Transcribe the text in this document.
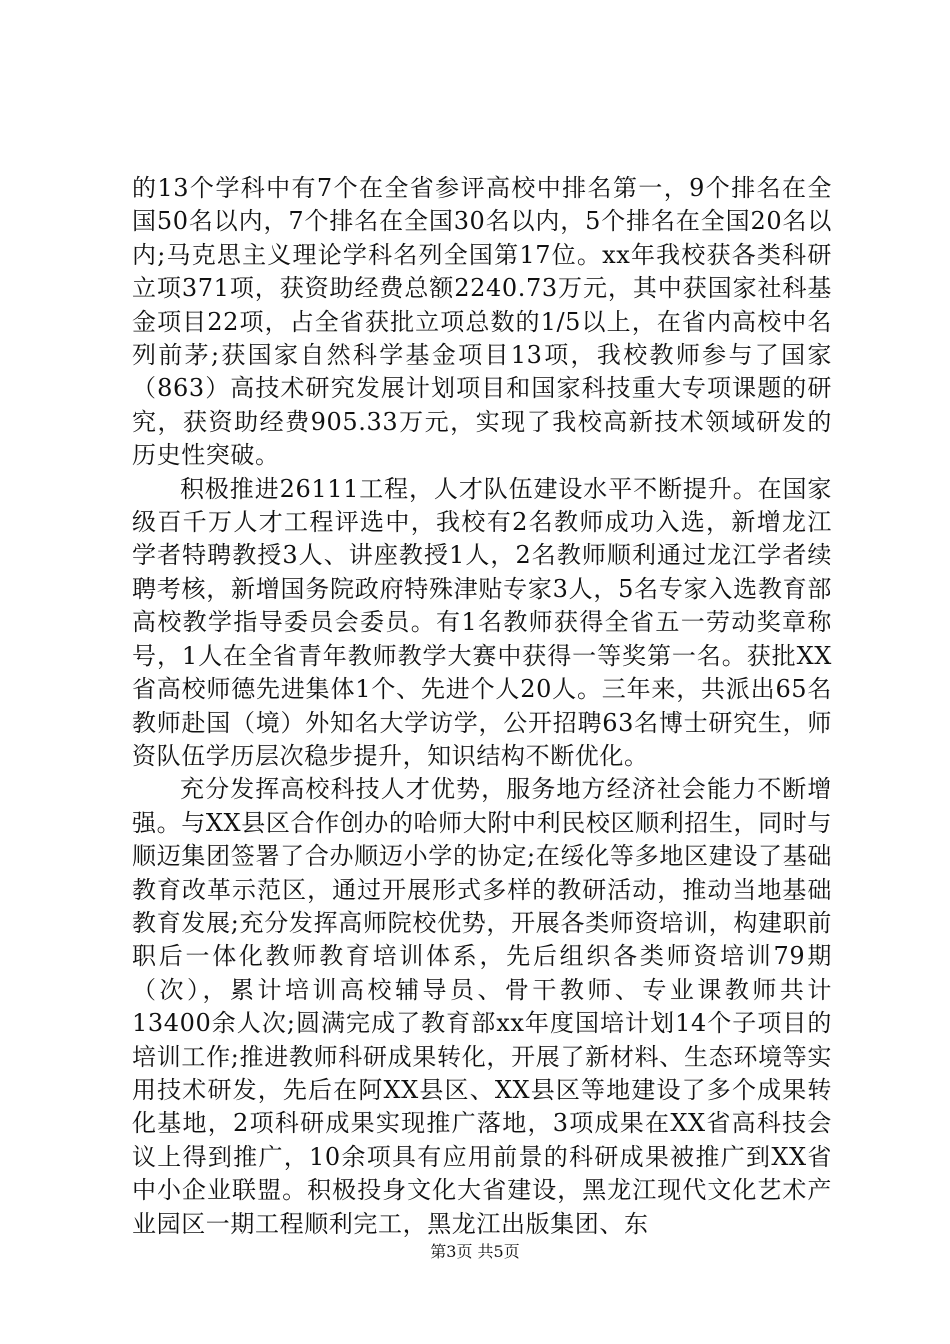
的13个学科中有7个在全省参评高校中排名第一，9个排名在全国50名以内，7个排名在全国30名以内，5个排名在全国20名以内;马克思主义理论学科名列全国第17位。xx年我校获各类科研立项371项，获资助经费总额2240.73万元，其中获国家社科基金项目22项，占全省获批立项总数的1/5以上，在省内高校中名列前茅;获国家自然科学基金项目13项，我校教师参与了国家（863）高技术研究发展计划项目和国家科技重大专项课题的研究，获资助经费905.33万元，实现了我校高新技术领域研发的历史性突破。

积极推进26111工程，人才队伍建设水平不断提升。在国家级百千万人才工程评选中，我校有2名教师成功入选，新增龙江学者特聘教授3人、讲座教授1人，2名教师顺利通过龙江学者续聘考核，新增国务院政府特殊津贴专家3人，5名专家入选教育部高校教学指导委员会委员。有1名教师获得全省五一劳动奖章称号，1人在全省青年教师教学大赛中获得一等奖第一名。获批XX省高校师德先进集体1个、先进个人20人。三年来，共派出65名教师赴国（境）外知名大学访学，公开招聘63名博士研究生，师资队伍学历层次稳步提升，知识结构不断优化。

充分发挥高校科技人才优势，服务地方经济社会能力不断增强。与XX县区合作创办的哈师大附中利民校区顺利招生，同时与顺迈集团签署了合办顺迈小学的协定;在绥化等多地区建设了基础教育改革示范区，通过开展形式多样的教研活动，推动当地基础教育发展;充分发挥高师院校优势，开展各类师资培训，构建职前职后一体化教师教育培训体系，先后组织各类师资培训79期（次），累计培训高校辅导员、骨干教师、专业课教师共计13400余人次;圆满完成了教育部xx年度国培计划14个子项目的培训工作;推进教师科研成果转化，开展了新材料、生态环境等实用技术研发，先后在阿XX县区、XX县区等地建设了多个成果转化基地，2项科研成果实现推广落地，3项成果在XX省高科技会议上得到推广，10余项具有应用前景的科研成果被推广到XX省中小企业联盟。积极投身文化大省建设，黑龙江现代文化艺术产业园区一期工程顺利完工，黑龙江出版集团、东

第3页 共5页
